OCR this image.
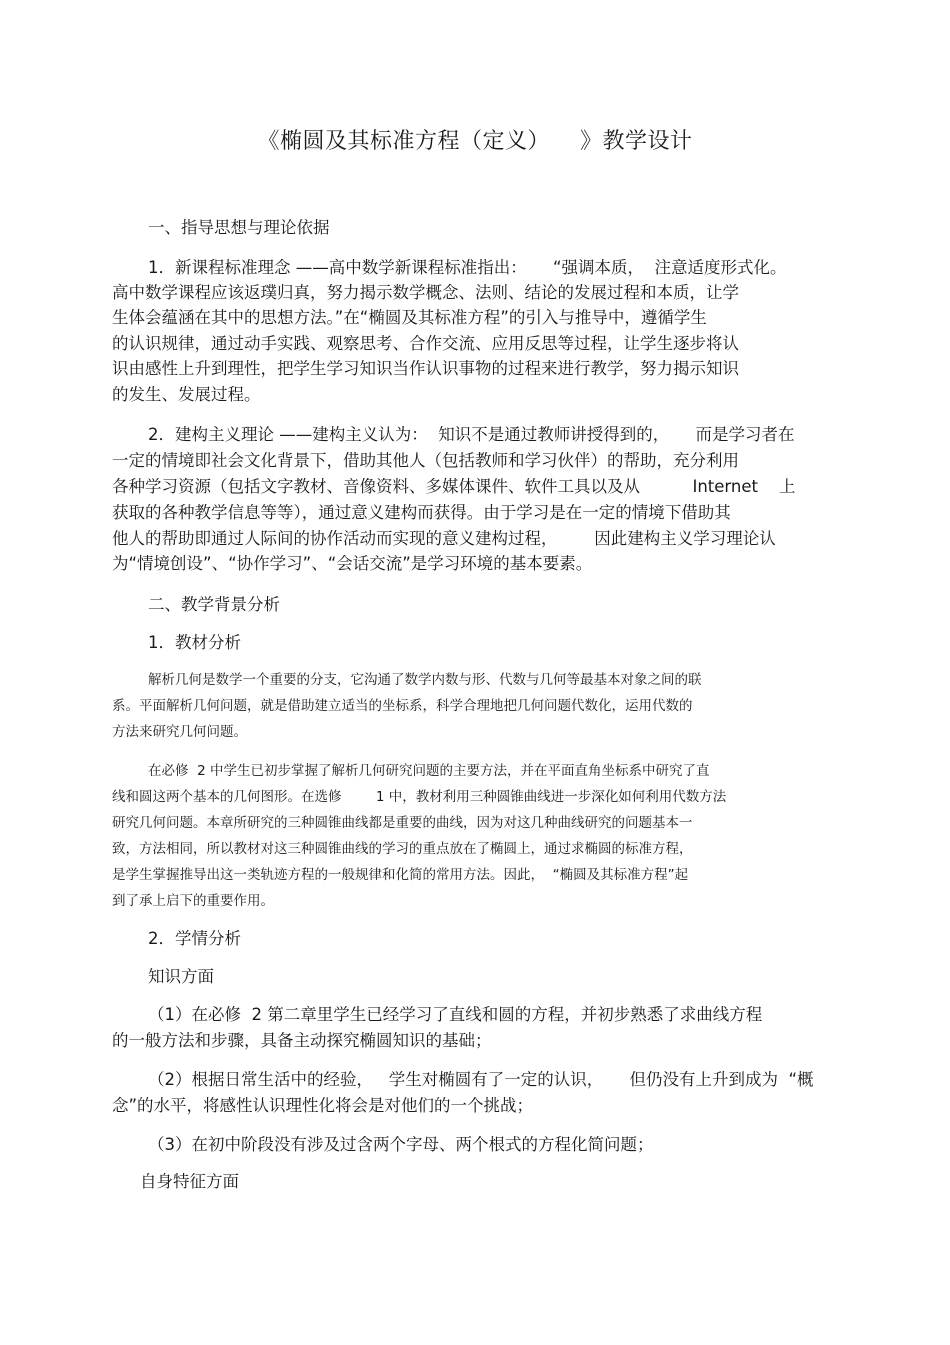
《椭圆及其标准方程（定义）    》教学设计
一、指导思想与理论依据
1．新课程标准理念 ——高中数学新课程标准指出：     “强调本质，  注意适度形式化。
高中数学课程应该返璞归真，努力揭示数学概念、法则、结论的发展过程和本质，让学
生体会蕴涵在其中的思想方法。”在“椭圆及其标准方程”的引入与推导中，遵循学生
的认识规律，通过动手实践、观察思考、合作交流、应用反思等过程，让学生逐步将认
识由感性上升到理性，把学生学习知识当作认识事物的过程来进行教学，努力揭示知识
的发生、发展过程。
2．建构主义理论 ——建构主义认为：  知识不是通过教师讲授得到的，     而是学习者在
一定的情境即社会文化背景下，借助其他人（包括教师和学习伙伴）的帮助，充分利用
各种学习资源（包括文字教材、音像资料、多媒体课件、软件工具以及从          Internet    上
获取的各种教学信息等等），通过意义建构而获得。由于学习是在一定的情境下借助其
他人的帮助即通过人际间的协作活动而实现的意义建构过程，       因此建构主义学习理论认
为“情境创设”、“协作学习”、“会话交流”是学习环境的基本要素。
二、教学背景分析
1．教材分析
解析几何是数学一个重要的分支，它沟通了数学内数与形、代数与几何等最基本对象之间的联
系。平面解析几何问题，就是借助建立适当的坐标系，科学合理地把几何问题代数化，运用代数的
方法来研究几何问题。
在必修  2 中学生已初步掌握了解析几何研究问题的主要方法，并在平面直角坐标系中研究了直
线和圆这两个基本的几何图形。在选修        1 中，教材利用三种圆锥曲线进一步深化如何利用代数方法
研究几何问题。本章所研究的三种圆锥曲线都是重要的曲线，因为对这几种曲线研究的问题基本一
致，方法相同，所以教材对这三种圆锥曲线的学习的重点放在了椭圆上，通过求椭圆的标准方程，
是学生掌握推导出这一类轨迹方程的一般规律和化简的常用方法。因此，  “椭圆及其标准方程”起
到了承上启下的重要作用。
2．学情分析
知识方面
（1）在必修  2 第二章里学生已经学习了直线和圆的方程，并初步熟悉了求曲线方程
的一般方法和步骤，具备主动探究椭圆知识的基础；
（2）根据日常生活中的经验，   学生对椭圆有了一定的认识，     但仍没有上升到成为  “概
念”的水平，将感性认识理性化将会是对他们的一个挑战；
（3）在初中阶段没有涉及过含两个字母、两个根式的方程化简问题；
自身特征方面
